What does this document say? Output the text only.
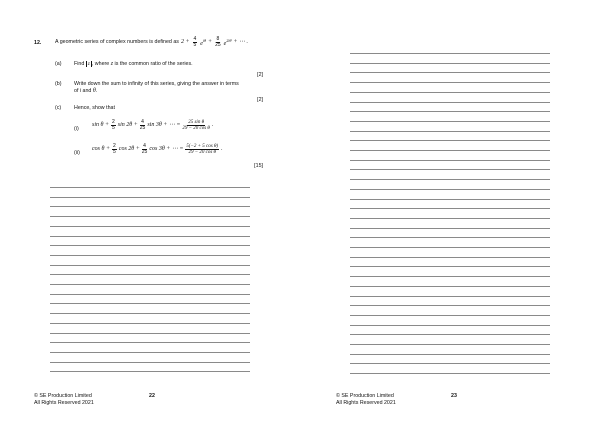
12.	A geometric series of complex numbers is defined as $2 + \frac{4}{5} e^{i\theta} + \frac{8}{25} e^{2i\theta}$ + ⋯ .
(a) Find z , where z is the common ratio of the series.
[2]
(b) Write down the sum to infinity of this series, giving the answer in terms
of i and θ.
[2]
(c) Hence, show that
(i)
$\sin \theta + \frac{2}{5}$ $\sin 2\theta + \frac{4}{25}$ sin 3θ + ⋯ = $\frac{\text{25 sin θ}}{\text{29 − 20 cos θ}}$ .
(ii)
$\cos \theta + \frac{2}{5}$ $\cos 2\theta + \frac{4}{25}$ cos 3θ + ⋯ = $\frac{\text{5(−2 + 5 cos θ)}}{\text{29 − 20 cos θ}}$ .
[15]
© SE Production Limited
All Rights Reserved 2021
22	© SE Production Limited
All Rights Reserved 2021
23
